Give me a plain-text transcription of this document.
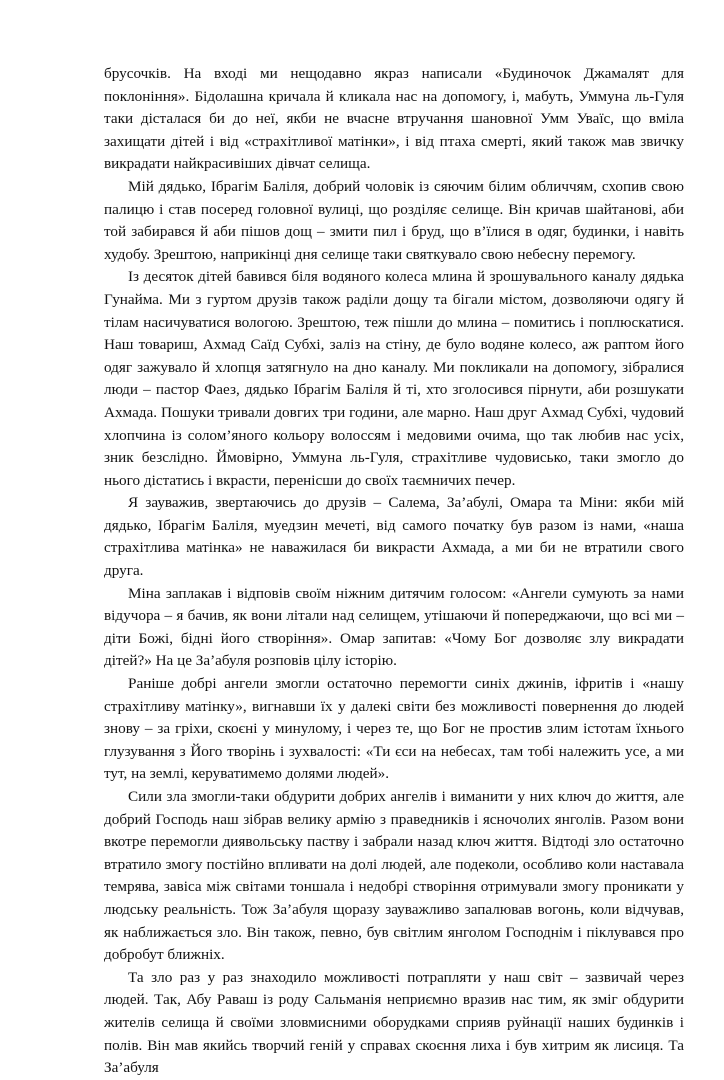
брусочків. На вході ми нещодавно якраз написали «Будиночок Джамалят для поклоніння». Бідолашна кричала й кликала нас на допомогу, і, мабуть, Уммуна ль-Гуля таки дісталася би до неї, якби не вчасне втручання шановної Умм Уваїс, що вміла захищати дітей і від «страхітливої матінки», і від птаха смерті, який також мав звичку викрадати найкрасивіших дівчат селища.

Мій дядько, Ібрагім Баліля, добрий чоловік із сяючим білим обличчям, схопив свою палицю і став посеред головної вулиці, що розділяє селище. Він кричав шайтанові, аби той забирався й аби пішов дощ – змити пил і бруд, що в’їлися в одяг, будинки, і навіть худобу. Зрештою, наприкінці дня селище таки святкувало свою небесну перемогу.

Із десяток дітей бавився біля водяного колеса млина й зрошувального каналу дядька Гунайма. Ми з гуртом друзів також раділи дощу та бігали містом, дозволяючи одягу й тілам насичуватися вологою. Зрештою, теж пішли до млина – помитись і поплюскатися. Наш товариш, Ахмад Саїд Субхі, заліз на стіну, де було водяне колесо, аж раптом його одяг зажувало й хлопця затягнуло на дно каналу. Ми покликали на допомогу, зібралися люди – пастор Фаез, дядько Ібрагім Баліля й ті, хто зголосився пірнути, аби розшукати Ахмада. Пошуки тривали довгих три години, але марно. Наш друг Ахмад Субхі, чудовий хлопчина із солом’яного кольору волоссям і медовими очима, що так любив нас усіх, зник безслідно. Ймовірно, Уммуна ль-Гуля, страхітливе чудовисько, таки змогло до нього дістатись і вкрасти, перенісши до своїх таємничих печер.

Я зауважив, звертаючись до друзів – Салема, За’абулі, Омара та Міни: якби мій дядько, Ібрагім Баліля, муедзин мечеті, від самого початку був разом із нами, «наша страхітлива матінка» не наважилася би викрасти Ахмада, а ми би не втратили свого друга.

Міна заплакав і відповів своїм ніжним дитячим голосом: «Ангели сумують за нами відучора – я бачив, як вони літали над селищем, утішаючи й попереджаючи, що всі ми – діти Божі, бідні його створіння». Омар запитав: «Чому Бог дозволяє злу викрадати дітей?» На це За’абуля розповів цілу історію.

Раніше добрі ангели змогли остаточно перемогти синіх джинів, іфритів і «нашу страхітливу матінку», вигнавши їх у далекі світи без можливості повернення до людей знову – за гріхи, скоєні у минулому, і через те, що Бог не простив злим істотам їхнього глузування з Його творінь і зухвалості: «Ти єси на небесах, там тобі належить усе, а ми тут, на землі, керуватимемо долями людей».

Сили зла змогли-таки обдурити добрих ангелів і виманити у них ключ до життя, але добрий Господь наш зібрав велику армію з праведників і ясночолих янголів. Разом вони вкотре перемогли диявольську паству і забрали назад ключ життя. Відтоді зло остаточно втратило змогу постійно впливати на долі людей, але подеколи, особливо коли наставала темрява, завіса між світами тоншала і недобрі створіння отримували змогу проникати у людську реальність. Тож За’абуля щоразу зауважливо запалював вогонь, коли відчував, як наближається зло. Він також, певно, був світлим янголом Господнім і піклувався про добробут ближніх.

Та зло раз у раз знаходило можливості потрапляти у наш світ – зазвичай через людей. Так, Абу Раваш із роду Сальманія неприємно вразив нас тим, як зміг обдурити жителів селища й своїми зловмисними оборудками сприяв руйнації наших будинків і полів. Він мав якийсь творчий геній у справах скоєння лиха і був хитрим як лисиця. Та За’абуля
